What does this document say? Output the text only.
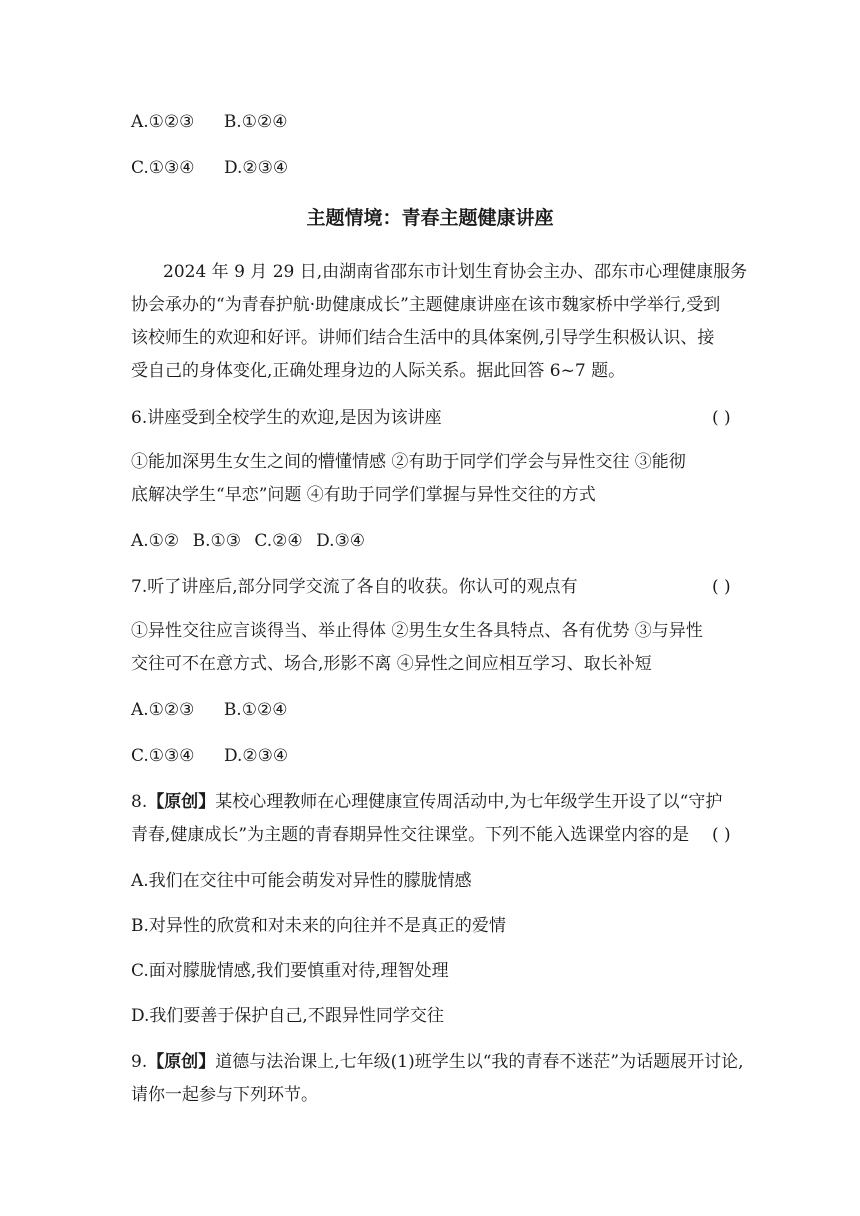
A.①②③ B.①②④
C.①③④ D.②③④
主题情境：青春主题健康讲座
2024 年 9 月 29 日,由湖南省邵东市计划生育协会主办、邵东市心理健康服务
协会承办的“为青春护航·助健康成长”主题健康讲座在该市魏家桥中学举行,受到
该校师生的欢迎和好评。讲师们结合生活中的具体案例,引导学生积极认识、接
受自己的身体变化,正确处理身边的人际关系。据此回答 6~7 题。
6.讲座受到全校学生的欢迎,是因为该讲座	( )
①能加深男生女生之间的懵懂情感 ②有助于同学们学会与异性交往 ③能彻
底解决学生“早恋”问题 ④有助于同学们掌握与异性交往的方式
A.①② B.①③ C.②④ D.③④
7.听了讲座后,部分同学交流了各自的收获。你认可的观点有	( )
①异性交往应言谈得当、举止得体 ②男生女生各具特点、各有优势 ③与异性
交往可不在意方式、场合,形影不离 ④异性之间应相互学习、取长补短
A.①②③ B.①②④
C.①③④ D.②③④
8.【原创】某校心理教师在心理健康宣传周活动中,为七年级学生开设了以“守护
青春,健康成长”为主题的青春期异性交往课堂。下列不能入选课堂内容的是 ( )
A.我们在交往中可能会萌发对异性的朦胧情感
B.对异性的欣赏和对未来的向往并不是真正的爱情
C.面对朦胧情感,我们要慎重对待,理智处理
D.我们要善于保护自己,不跟异性同学交往
9.【原创】道德与法治课上,七年级(1)班学生以“我的青春不迷茫”为话题展开讨论,
请你一起参与下列环节。
